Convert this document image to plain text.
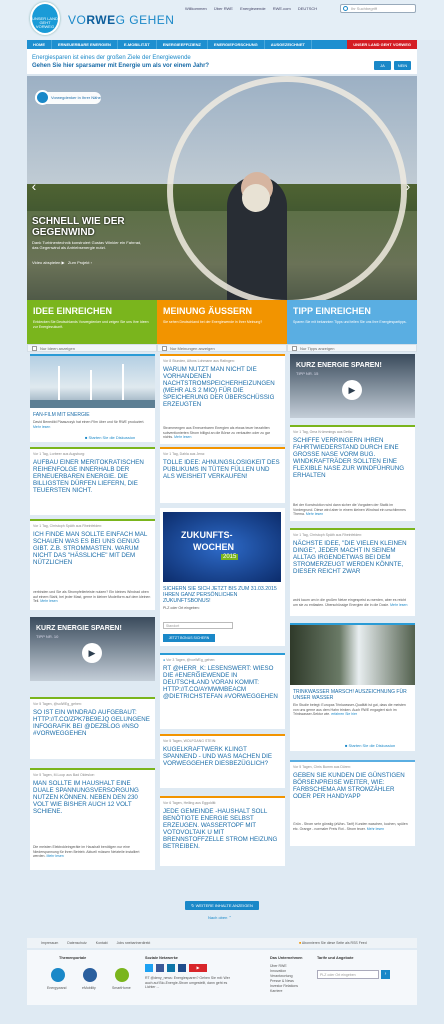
UNSER LAND GEHT VORWEG	VORWEG GEHEN
Willkommen Über RWE Energiewende RWE.com DEUTSCH	Ihr Suchbegriff
HOME	ERNEUERBARE ENERGIEN	E-MOBILITÄT	ENERGIEEFFIZIENZ	ENERGIEFORSCHUNG	AUSGEZEICHNET	UNSER LAND GEHT VORWEG
Energiesparen ist eines der großen Ziele der Energiewende
Gehen Sie hier sparsamer mit Energie um als vor einem Jahr?	JA	NEIN
Vorwegdenker in Ihrer Nähe
‹	›
SCHNELL WIE DER
GEGENWIND
Dank Turbinentechnik konstruiert Gustav Winkler ein Fahrrad, das Gegenwind als Antriebsenergie nutzt.
Video abspielen ▶ Zum Projekt ›
IDEE EINREICHEN
Entdecken Sie Deutschlands Vorwegdenker und zeigen Sie uns Ihre Ideen zur Energiezukunft.
MEINUNG ÄUSSERN
Sie sehen Deutschland bei der Energiewende in Ihrer Meinung?
TIPP EINREICHEN
Sparen Sie mit bekannten Tipps und teilen Sie uns Ihre Energiespartipps.
Nur Ideen anzeigen	Nur Meinungen anzeigen	Nur Tipps anzeigen
FAN-FILM MIT ENERGIE
David Benedikt Plaaszczyk hat einen Film über und für RWE produziert. Mehr lesen
■ Starten Sie die Diskussion
Vor 1 Tag, Lorbeer aus Augsburg:
AUFBAU EINER MERITOKRATISCHEN REIHENFOLGE INNERHALB DER ERNEUERBAREN ENERGIE. DIE BILLIGSTEN DÜRFEN LIEFERN, DIE TEUERSTEN NICHT.
Vor 1 Tag, Christoph Späth aus Rheinfelden:
ICH FINDE MAN SOLLTE EINFACH MAL SCHAUEN WAS ES BEI UNS GENUG GIBT. Z.B. STROMMASTEN. WARUM NICHT DAS "HÄSSLICHE" MIT DEM NÜTZLICHEN
verbinden und Sie als Strompfeilerleiste nutzen? Ein kleines Windrad oben auf einem Stahl, bei jeder Mast, gerne in kleiner Modelform auf dem kleinen Teil. Mehr lesen
KURZ ENERGIE SPAREN!
TIPP NR. 10
▶
Vor 5 Tagen, @solWEg_gehen:
SO IST EIN WINDRAD AUFGEBAUT: HTTP://T.CO/ZPK7BE9EJQ GELUNGENE INFOGRAFIK BEI @DEZBLOG #NSO #VORWEGGEHEN
Vor 5 Tagen, M.Loop aus Bad Oldesloe:
MAN SOLLTE IM HAUSHALT EINE DUALE SPANNUNGSVERSORGUNG NUTZEN KÖNNEN. NEBEN DEN 230 VOLT WIE BISHER AUCH 12 VOLT SCHIENE.
Die meisten Elektrokleingeräte im Haushalt benötigen nur eine Niederspannung für ihren Betrieb. Aktuell müssen Netzteile installiert werden. Mehr lesen
Vor 8 Stunden, Alfons Lohmann aus Ratingen:
WARUM NUTZT MAN NICHT DIE VORHANDENEN NACHTSTROMSPEICHERHEIZUNGEN (MEHR ALS 2 MIO) FÜR DIE SPEICHERUNG DER ÜBERSCHÜSSIG ERZEUGTEN
Strommengen aus Erneuerbaren Energien als etwas teuer bezahlten subventionierten Strom billigst an die Börse zu verkaufen oder zu gar nichts. Mehr lesen
Vor 1 Tag, Dahla aus Jena:
TOLLE IDEE: AHNUNGSLOSIGKEIT DES PUBLIKUMS IN TÜTEN FÜLLEN UND ALS WEISHEIT VERKAUFEN!
ZUKUNFTS-
WOCHEN
2015
SICHERN SIE SICH JETZT BIS ZUM 31.03.2015 IHREN GANZ PERSÖNLICHEN ZUKUNFTSBONUS!
PLZ oder Ort eingeben:
Standort
JETZT BONUS SICHERN
● Vor 3 Tagen, @vorWEg_gehen:
RT @HERR_K: LESENSWERT: WIESO DIE #ENERGIEWENDE IN DEUTSCHLAND VORAN KOMMT: HTTP://T.CO/AYMWMBEACM @DIETRICHSTEFAN #VORWEGGEHEN
Vor 5 Tagen, WOLFGANG STEIN:
KUGELKRAFTWERK KLINGT SPANNEND - UND WAS MACHEN DIE VORWEGGEHER DIESBEZÜGLICH?
Vor 6 Tagen, Heiling aus Eggolditi:
JEDE GEMEINDE -HAUSHALT SOLL BENÖTIGTE ENERGIE SELBST ERZEUGEN. WASSERTOPF MIT VOTOVOLTAIK U MIT BRENNSTOFFZELLE STROM HEIZUNG BETREIBEN.
KURZ ENERGIE SPAREN!
TIPP NR. 15
▶
Vor 1 Tag, Oma Krümmings aus Detla:
SCHIFFE VERRINGERN IHREN FAHRTWIEDERSTAND DURCH EINE GROSSE NASE VORM BUG. WINDKRAFTRÄDER SOLLTEN EINE FLEXIBLE NASE ZUR WINDFÜHRUNG ERHALTEN
Bei der Konstruktion wird dann sicher die Vorgaben der Statik im Vordergrund. Diese wird aber in einem kleinen Windrad ein unschlimmes Thema. Mehr lesen
Vor 1 Tag, Christoph Späth aus Rheinfelden:
NÄCHSTE IDEE, "DIE VIELEN KLEINEN DINGE", JEDER MACHT IN SEINEM ALLTAG IRGENDETWAS BEI DEM STROMERZEUGT WERDEN KÖNNTE, DIESER REICHT ZWAR
wohl kaum um in die großen Netze eingespeist zu werden, aber es reicht um sie zu entlasten. Überschüssige Energien die in die Dosie. Mehr lesen
TRINKWASSER MARSCH! AUSZEICHNUNG FÜR UNSER WASSER
Ein Studie belegt: Europas Trinkwasser-Qualität ist gut, dass die meisten von uns gerne aus dem Hahn trinken. Auch RWE engagiert sich im Trinkwasser-Sektor wie. erfahren Sie hier
■ Starten Sie die Diskussion
Vor 5 Tagen, Chris Bumm aus Düren:
GEBEN SIE KUNDEN DIE GÜNSTIGEN BÖRSENPREISE WEITER, WIE: FARBSCHEMA AM STROMZÄHLER ODER PER HANDYAPP
Grün - Strom sehr günstig (aWon- Tarif) Kunden waschen, kochen, spülen etc. Orange - normaler Preis Rot - Strom teuer. Mehr lesen
↻ WEITERE INHALTE ANZEIGEN
Nach oben ⌃
Impressum	Datenschutz	Kontakt	Jobs rwebartnerdirekt	■ Abonnieren Sie diese Seite als RSS Feed
Themenportale
Energywand	eMobility	SmartHome
Soziale Netzwerke
▶
RT @deny_news: Energiesparen? Gehen Sie mit: Wer auch auf Bio-Energie-Strom umgestellt, dann geht es Lichter ...
Das Unternehmen
Über RWE
Innovation
Verantwortung
Presse & News
Investor Relations
Karriere
Tarife und Angebote
PLZ oder Ort eingeben	›
